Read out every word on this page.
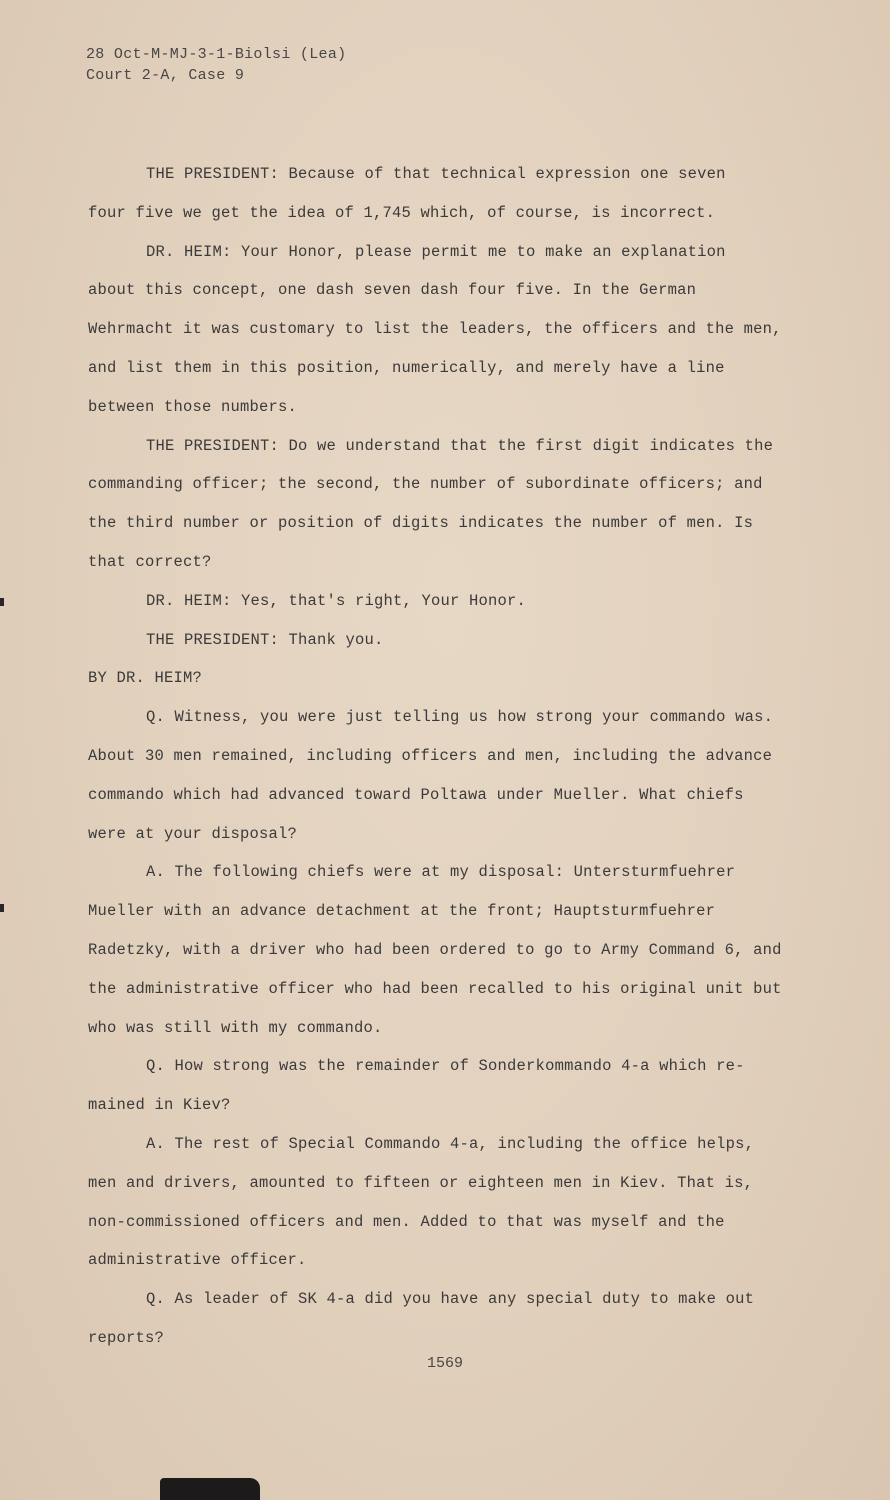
28 Oct-M-MJ-3-1-Biolsi (Lea)
Court 2-A, Case 9
THE PRESIDENT: Because of that technical expression one seven
four five we get the idea of 1,745 which, of course, is incorrect.
DR. HEIM: Your Honor, please permit me to make an explanation
about this concept, one dash seven dash four five. In the German
Wehrmacht it was customary to list the leaders, the officers and the men,
and list them in this position, numerically, and merely have a line
between those numbers.
THE PRESIDENT: Do we understand that the first digit indicates the
commanding officer; the second, the number of subordinate officers; and
the third number or position of digits indicates the number of men. Is
that correct?
DR. HEIM: Yes, that's right, Your Honor.
THE PRESIDENT: Thank you.
BY DR. HEIM?
Q. Witness, you were just telling us how strong your commando was.
About 30 men remained, including officers and men, including the advance
commando which had advanced toward Poltawa under Mueller. What chiefs
were at your disposal?
A. The following chiefs were at my disposal: Untersturmfuehrer
Mueller with an advance detachment at the front; Hauptsturmfuehrer
Radetzky, with a driver who had been ordered to go to Army Command 6, and
the administrative officer who had been recalled to his original unit but
who was still with my commando.
Q. How strong was the remainder of Sonderkommando 4-a which re-
mained in Kiev?
A. The rest of Special Commando 4-a, including the office helps,
men and drivers, amounted to fifteen or eighteen men in Kiev. That is,
non-commissioned officers and men. Added to that was myself and the
administrative officer.
Q. As leader of SK 4-a did you have any special duty to make out
reports?
1569
